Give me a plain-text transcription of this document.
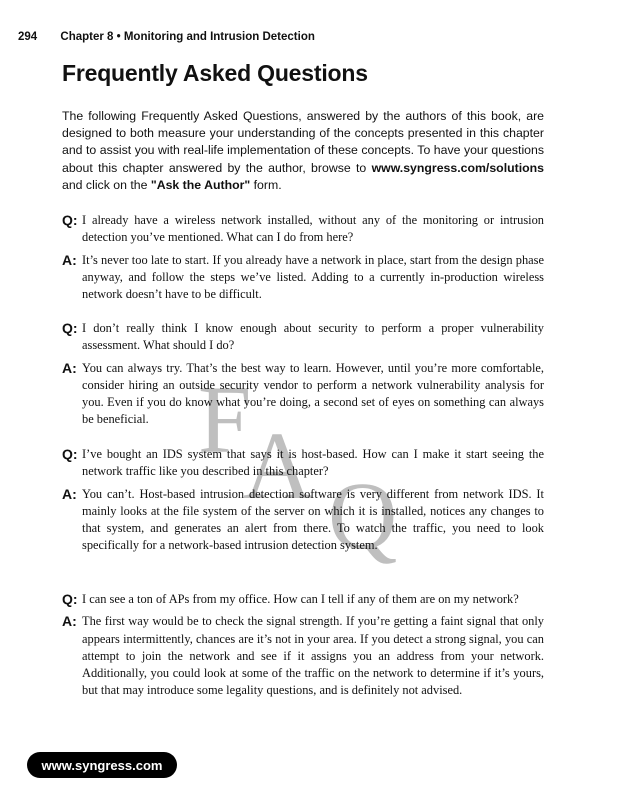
294 Chapter 8 • Monitoring and Intrusion Detection
Frequently Asked Questions

The following Frequently Asked Questions, answered by the authors of this book, are designed to both measure your understanding of the concepts presented in this chapter and to assist you with real-life implementation of these concepts. To have your questions about this chapter answered by the author, browse to www.syngress.com/solutions and click on the "Ask the Author" form.

F
A Q
Q: I already have a wireless network installed, without any of the monitoring or intrusion detection you’ve mentioned. What can I do from here?
A: It’s never too late to start. If you already have a network in place, start from the design phase anyway, and follow the steps we’ve listed. Adding to a currently in-production wireless network doesn’t have to be difficult.
Q: I don’t really think I know enough about security to perform a proper vulnerability assessment. What should I do?
A: You can always try. That’s the best way to learn. However, until you’re more comfortable, consider hiring an outside security vendor to perform a network vulnerability analysis for you. Even if you do know what you’re doing, a second set of eyes on something can always be beneficial.
Q: I’ve bought an IDS system that says it is host-based. How can I make it start seeing the network traffic like you described in this chapter?
A: You can’t. Host-based intrusion detection software is very different from network IDS. It mainly looks at the file system of the server on which it is installed, notices any changes to that system, and generates an alert from there. To watch the traffic, you need to look specifically for a network-based intrusion detection system.
Q: I can see a ton of APs from my office. How can I tell if any of them are on my network?
A: The first way would be to check the signal strength. If you’re getting a faint signal that only appears intermittently, chances are it’s not in your area. If you detect a strong signal, you can attempt to join the network and see if it assigns you an address from your network. Additionally, you could look at some of the traffic on the network to determine if it’s yours, but that may introduce some legality questions, and is definitely not advised.
www.syngress.com
